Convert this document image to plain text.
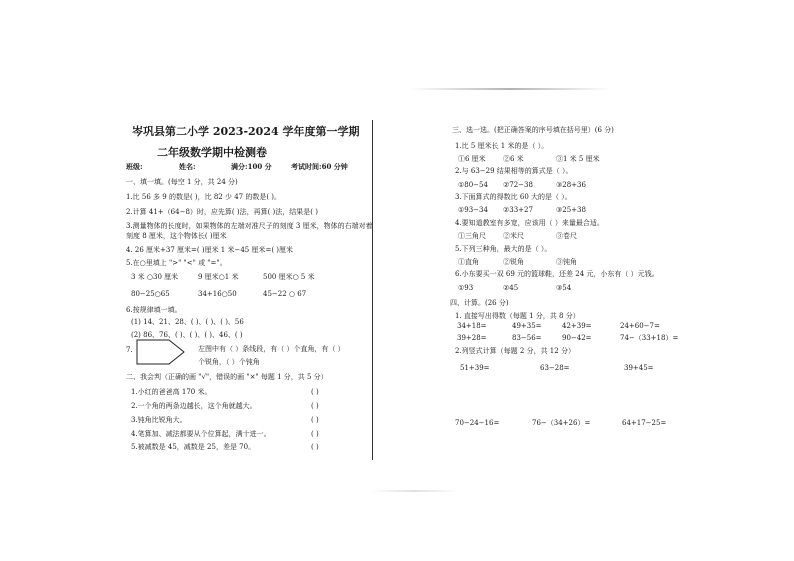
岑巩县第二小学 2023-2024 学年度第一学期
二年级数学期中检测卷
班级:	姓名:	满分:100 分	考试时间:60 分钟
一、填一填。(每空 1 分，共 24 分)
1.比 56 多 9 的数是( )，比 82 少 47 的数是( )。
2.计算 41+（64−8）时，应先算( )法，再算( )法，结果是( )
3.测量物体的长度时，如果物体的左端对准尺子的刻度 3 厘米，物体的右端对着
刻度 8 厘米，这个物体长( )厘米
4. 26 厘米+37 厘米=( )厘米 1 米−45 厘米=( )厘米
5.在○里填上 ">" "<" 或 "="。
3 米 ○30 厘米	9 厘米○1 米	500 厘米○ 5 米
80−25○65	34+16○50	45−22 ○ 67
6.按规律填一填。
(1) 14、21、28、( )、( )、( )、56
(2) 86、76、( )、( )、( )、46、( )
7.	左图中有（ ）条线段，有（ ）个直角，有（ ）
个锐角，（ ）个钝角
二、我会判（正确的画 "√"，错误的画 "×" 每题 1 分，共 5 分）
1.小红的爸爸高 170 米。	( )
2.一个角的两条边越长，这个角就越大。	( )
3.钝角比锐角大。	( )
4.笔算加、减法都要从个位算起，满十进一。	( )
5.被减数是 45，减数是 25，差是 70。	( )
三、选一选。(把正确答案的序号填在括号里）(6 分)
1.比 5 厘米长 1 米的是（ ）。
①6 厘米 ②6 米	③1 米 5 厘米
2.与 63−29 结果相等的算式是（ ）。
①80−54 ②72−38	③28+36
3.下面算式的得数比 60 大的是（ ）。
①93−34 ②33+27	③25+38
4.要知道教室有多宽，应该用（ ）来量最合适。
①三角尺 ②米尺	③卷尺
5.下列三种角，最大的是（ ）。
①直角	②锐角	③钝角
6.小东要买一双 69 元的篮球鞋，还差 24 元，小东有（ ）元钱。
①93	②45	③54
四、计算。(26 分)
1. 直接写出得数（每题 1 分，共 8 分）
34+18=	49+35=	42+39=	24+60−7=
39+28=	83−56=	90−42=	74−（33+18）=
2.列竖式计算（每题 2 分，共 12 分）
51+39=	63−28=	39+45=
70−24−16=	76−（34+26）=	64+17−25=
